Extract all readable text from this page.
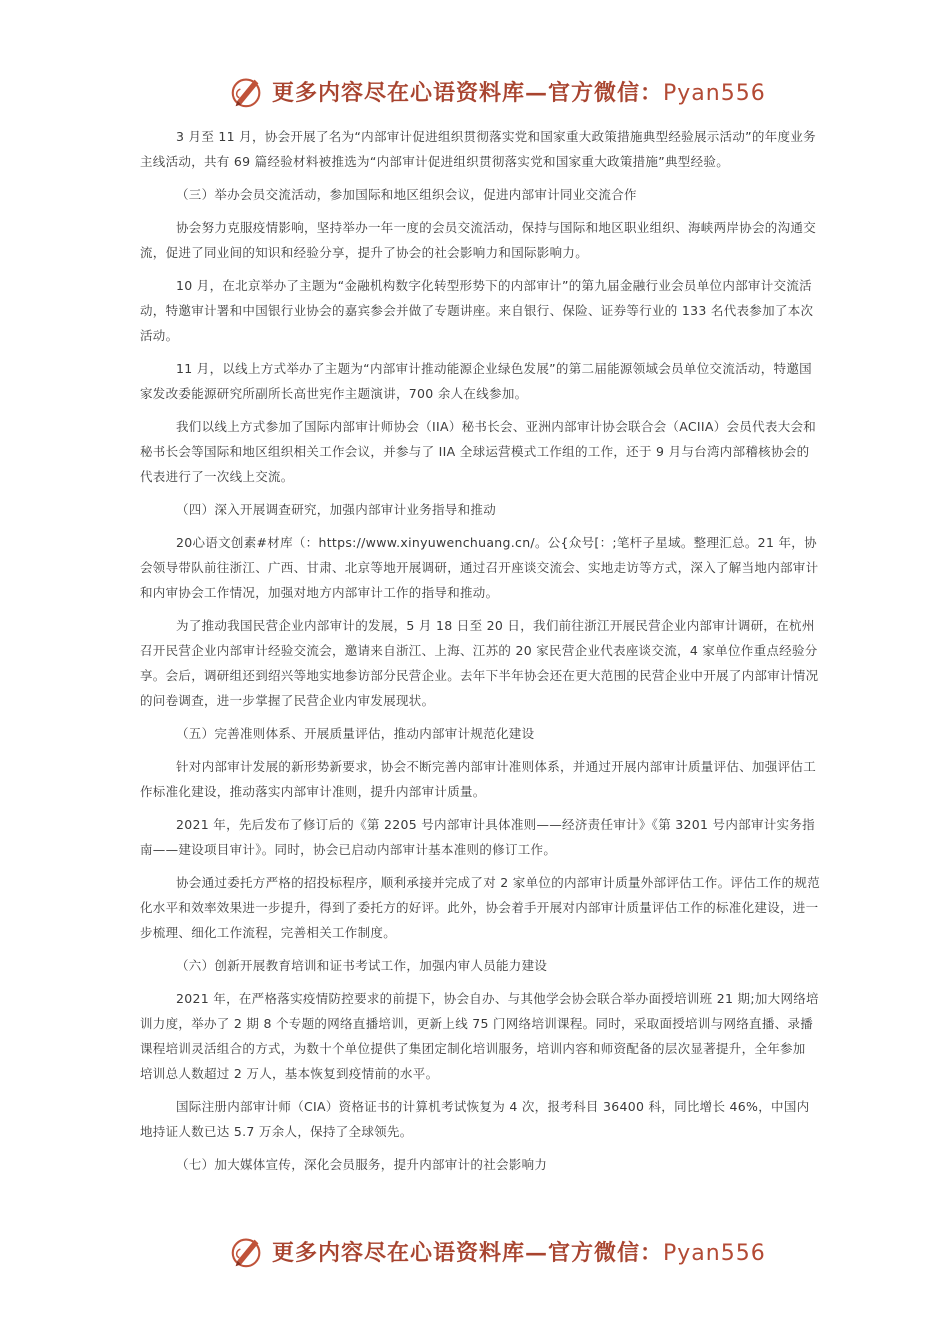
更多内容尽在心语资料库—官方微信：Pyan556

3 月至 11 月，协会开展了名为“内部审计促进组织贯彻落实党和国家重大政策措施典型经验展示活动”的年度业务主线活动，共有 69 篇经验材料被推选为“内部审计促进组织贯彻落实党和国家重大政策措施”典型经验。

（三）举办会员交流活动，参加国际和地区组织会议，促进内部审计同业交流合作

协会努力克服疫情影响，坚持举办一年一度的会员交流活动，保持与国际和地区职业组织、海峡两岸协会的沟通交流，促进了同业间的知识和经验分享，提升了协会的社会影响力和国际影响力。

10 月，在北京举办了主题为“金融机构数字化转型形势下的内部审计”的第九届金融行业会员单位内部审计交流活动，特邀审计署和中国银行业协会的嘉宾参会并做了专题讲座。来自银行、保险、证券等行业的 133 名代表参加了本次活动。

11 月，以线上方式举办了主题为“内部审计推动能源企业绿色发展”的第二届能源领域会员单位交流活动，特邀国家发改委能源研究所副所长高世宪作主题演讲，700 余人在线参加。

我们以线上方式参加了国际内部审计师协会（IIA）秘书长会、亚洲内部审计协会联合会（ACIIA）会员代表大会和秘书长会等国际和地区组织相关工作会议，并参与了 IIA 全球运营模式工作组的工作，还于 9 月与台湾内部稽核协会的代表进行了一次线上交流。

（四）深入开展调查研究，加强内部审计业务指导和推动

20心语文创素#材库（：https://www.xinyuwenchuang.cn/。公{众号[：;笔杆子星域。整理汇总。21 年，协会领导带队前往浙江、广西、甘肃、北京等地开展调研，通过召开座谈交流会、实地走访等方式，深入了解当地内部审计和内审协会工作情况，加强对地方内部审计工作的指导和推动。

为了推动我国民营企业内部审计的发展，5 月 18 日至 20 日，我们前往浙江开展民营企业内部审计调研，在杭州召开民营企业内部审计经验交流会，邀请来自浙江、上海、江苏的 20 家民营企业代表座谈交流，4 家单位作重点经验分享。会后，调研组还到绍兴等地实地参访部分民营企业。去年下半年协会还在更大范围的民营企业中开展了内部审计情况的问卷调查，进一步掌握了民营企业内审发展现状。

（五）完善准则体系、开展质量评估，推动内部审计规范化建设

针对内部审计发展的新形势新要求，协会不断完善内部审计准则体系，并通过开展内部审计质量评估、加强评估工作标准化建设，推动落实内部审计准则，提升内部审计质量。

2021 年，先后发布了修订后的《第 2205 号内部审计具体准则——经济责任审计》《第 3201 号内部审计实务指南——建设项目审计》。同时，协会已启动内部审计基本准则的修订工作。

协会通过委托方严格的招投标程序，顺利承接并完成了对 2 家单位的内部审计质量外部评估工作。评估工作的规范化水平和效率效果进一步提升，得到了委托方的好评。此外，协会着手开展对内部审计质量评估工作的标准化建设，进一步梳理、细化工作流程，完善相关工作制度。

（六）创新开展教育培训和证书考试工作，加强内审人员能力建设

2021 年，在严格落实疫情防控要求的前提下，协会自办、与其他学会协会联合举办面授培训班 21 期;加大网络培训力度，举办了 2 期 8 个专题的网络直播培训，更新上线 75 门网络培训课程。同时，采取面授培训与网络直播、录播课程培训灵活组合的方式，为数十个单位提供了集团定制化培训服务，培训内容和师资配备的层次显著提升，全年参加 培训总人数超过 2 万人，基本恢复到疫情前的水平。

国际注册内部审计师（CIA）资格证书的计算机考试恢复为 4 次，报考科目 36400 科，同比增长 46%，中国内地持证人数已达 5.7 万余人，保持了全球领先。

（七）加大媒体宣传，深化会员服务，提升内部审计的社会影响力

更多内容尽在心语资料库—官方微信：Pyan556
